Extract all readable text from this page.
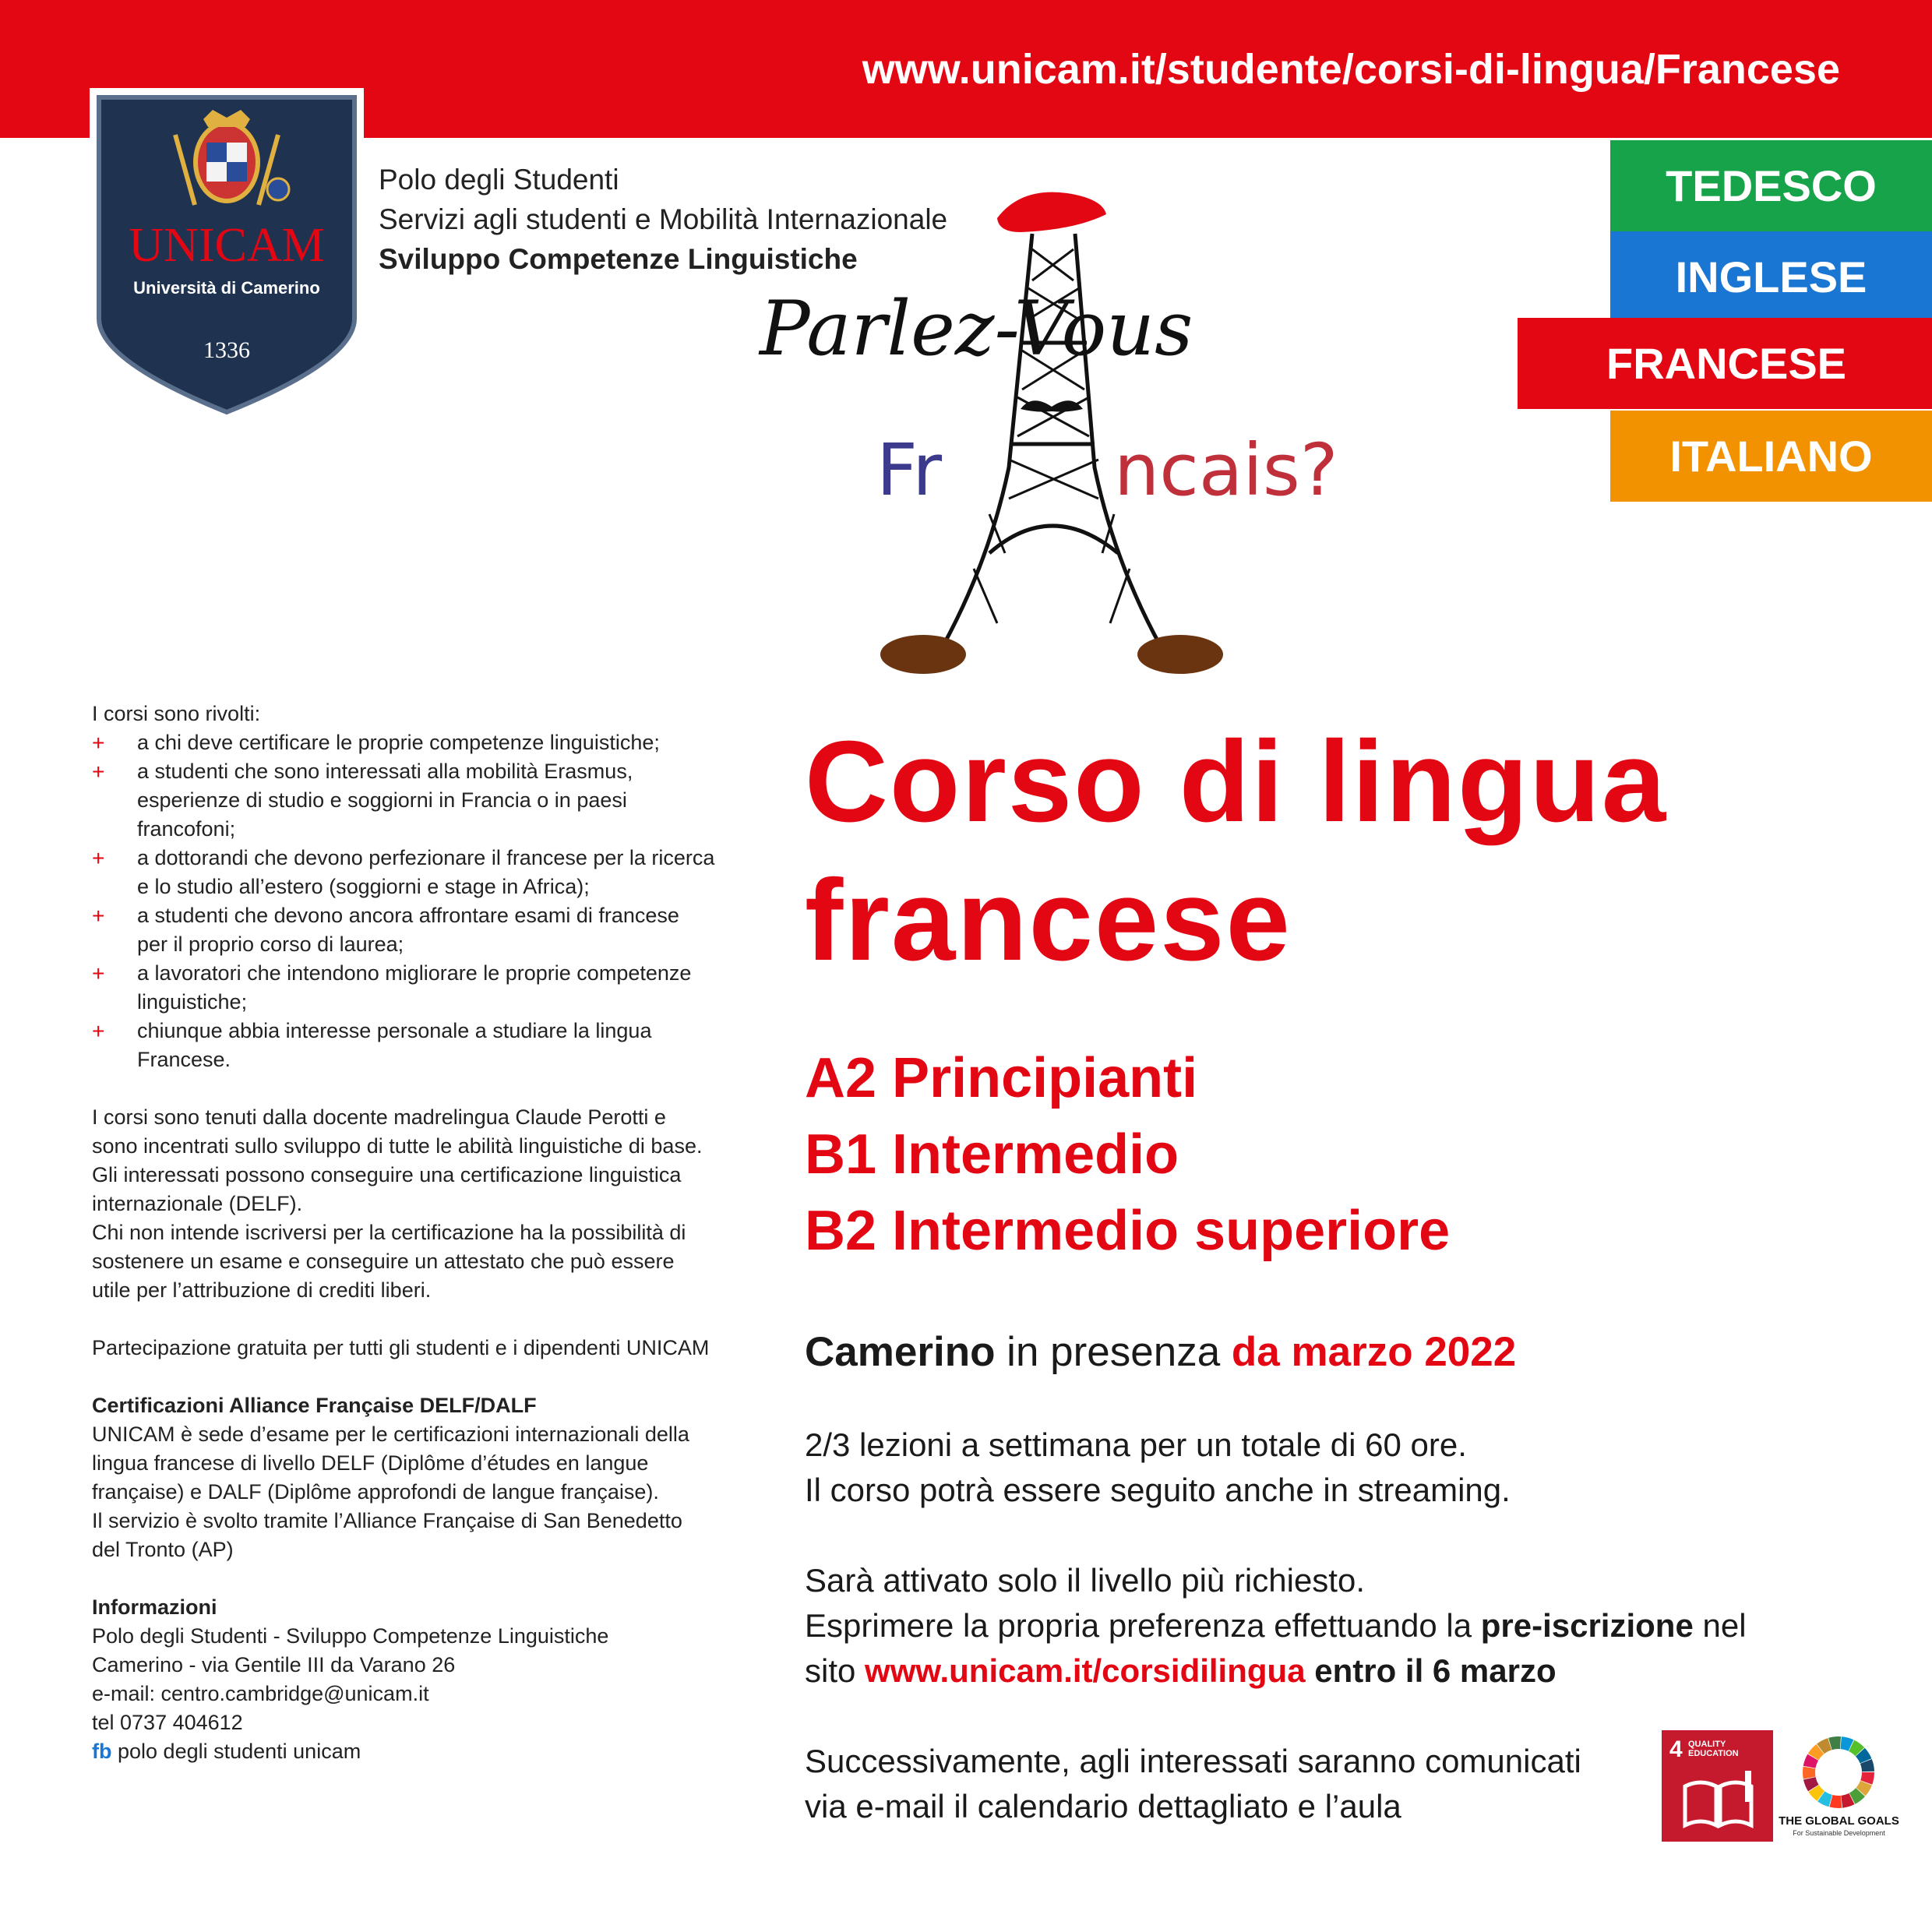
www.unicam.it/studente/corsi-di-lingua/Francese
UNICAM
Università di Camerino
1336
Polo degli Studenti
Servizi agli studenti e Mobilità Internazionale
Sviluppo Competenze Linguistiche
TEDESCO
INGLESE
FRANCESE
ITALIANO
Parlez-Vous
Fr ncais?

I corsi sono rivolti:

+ a chi deve certificare le proprie competenze linguistiche;
+ a studenti che sono interessati alla mobilità Erasmus, esperienze di studio e soggiorni in Francia o in paesi francofoni;
+ a dottorandi che devono perfezionare il francese per la ricerca e lo studio all’estero (soggiorni e stage in Africa);
+ a studenti che devono ancora affrontare esami di francese per il proprio corso di laurea;
+ a lavoratori che intendono migliorare le proprie competenze linguistiche;
+ chiunque abbia interesse personale a studiare la lingua Francese.

I corsi sono tenuti dalla docente madrelingua Claude Perotti e sono incentrati sullo sviluppo di tutte le abilità linguistiche di base.

Gli interessati possono conseguire una certificazione linguistica internazionale (DELF).

Chi non intende iscriversi per la certificazione ha la possibilità di sostenere un esame e conseguire un attestato che può essere utile per l’attribuzione di crediti liberi.

Partecipazione gratuita per tutti gli studenti e i dipendenti UNICAM

Certificazioni Alliance Française DELF/DALF

UNICAM è sede d’esame per le certificazioni internazionali della lingua francese di livello DELF (Diplôme d’études en langue française) e DALF (Diplôme approfondi de langue française).

Il servizio è svolto tramite l’Alliance Française di San Benedetto del Tronto (AP)

Informazioni

Polo degli Studenti - Sviluppo Competenze Linguistiche

Camerino - via Gentile III da Varano 26

e-mail: centro.cambridge@unicam.it

tel 0737 404612

fb polo degli studenti unicam

Corso di lingua
francese
A2 Principianti
B1 Intermedio
B2 Intermedio superiore
Camerino in presenza da marzo 2022

2/3 lezioni a settimana per un totale di 60 ore.

Il corso potrà essere seguito anche in streaming.

Sarà attivato solo il livello più richiesto.

Esprimere la propria preferenza effettuando la pre-iscrizione nel

sito www.unicam.it/corsidilingua entro il 6 marzo

Successivamente, agli interessati saranno comunicati

via e-mail il calendario dettagliato e l’aula

4 QUALITY EDUCATION
THE GLOBAL GOALS
For Sustainable Development
